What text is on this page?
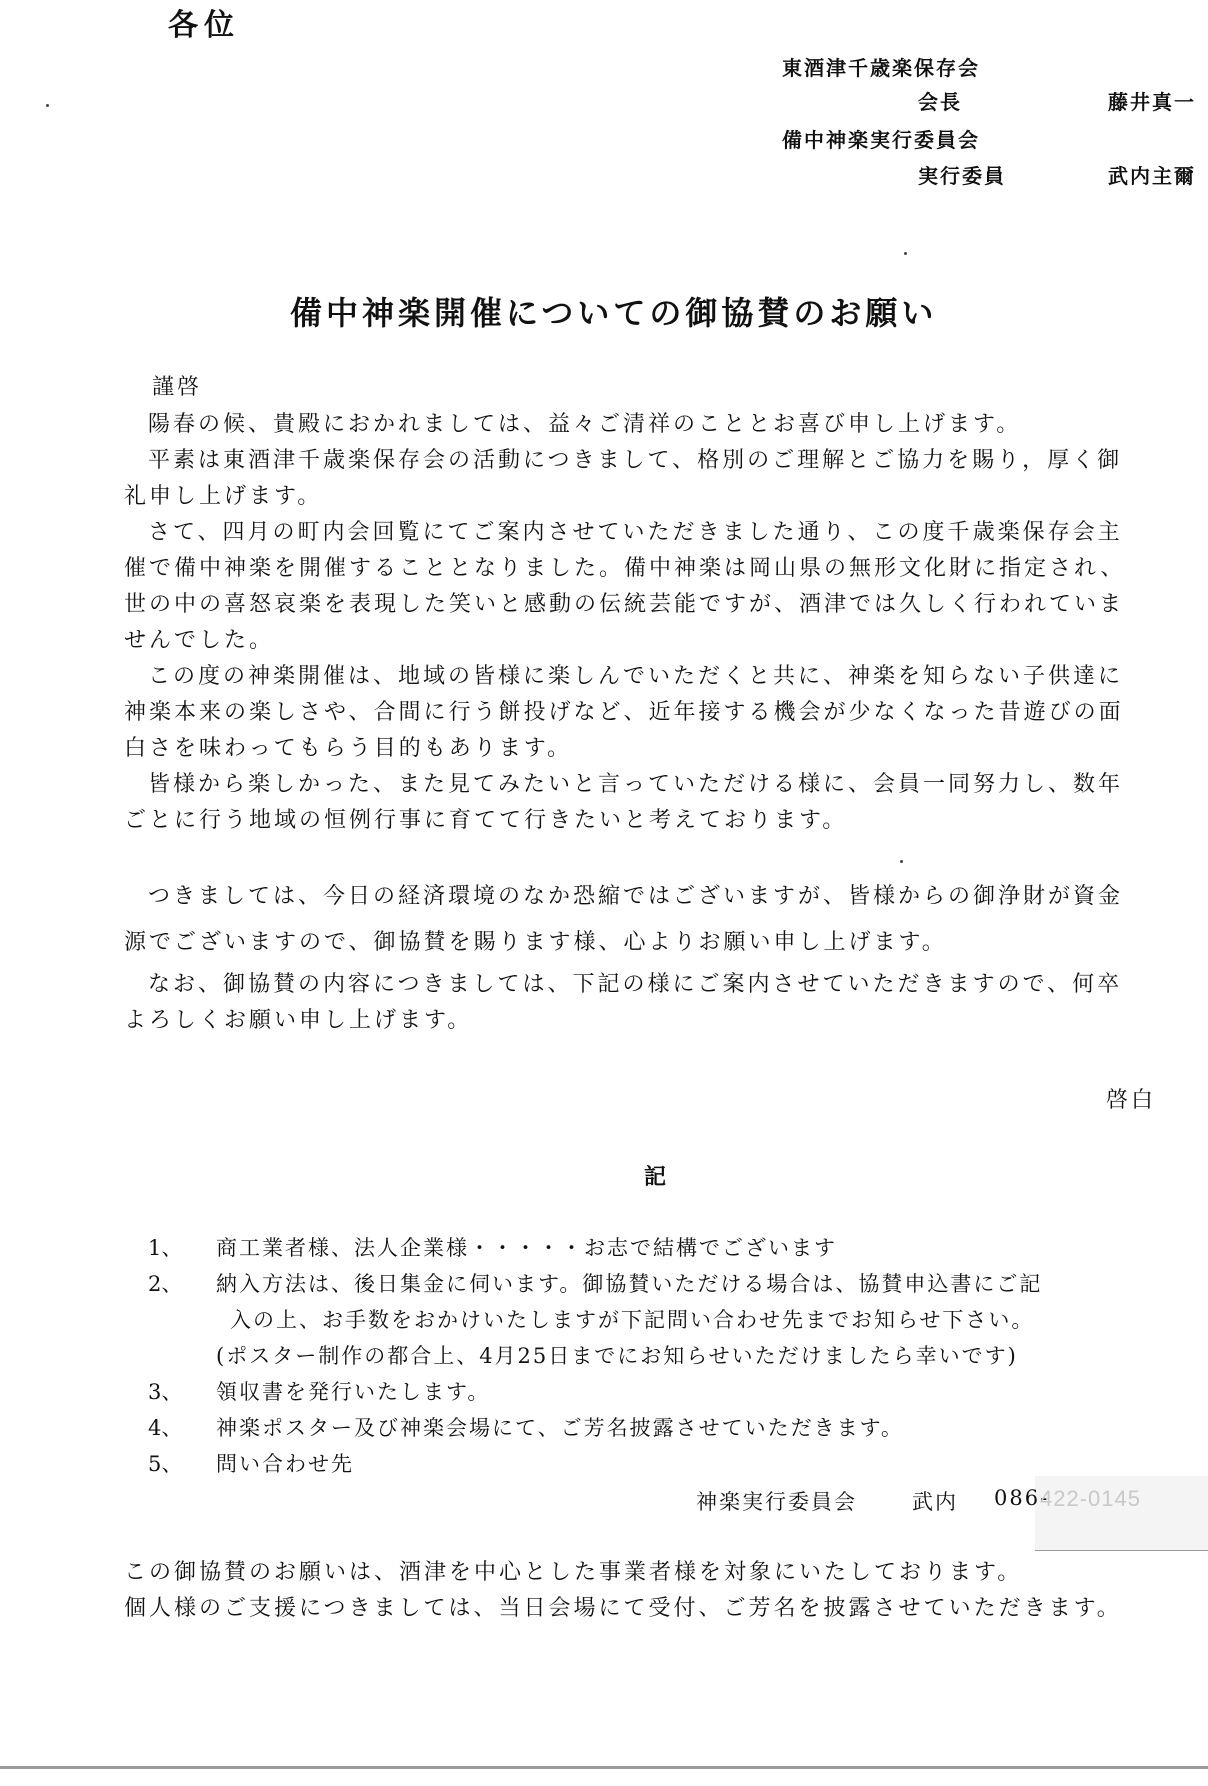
各位
東酒津千歳楽保存会
会長	藤井真一
備中神楽実行委員会
実行委員	武内主爾
備中神楽開催についての御協賛のお願い
謹啓
陽春の候、貴殿におかれましては、益々ご清祥のこととお喜び申し上げます。
平素は東酒津千歳楽保存会の活動につきまして、格別のご理解とご協力を賜り，厚く御
礼申し上げます。
さて、四月の町内会回覧にてご案内させていただきました通り、この度千歳楽保存会主
催で備中神楽を開催することとなりました。備中神楽は岡山県の無形文化財に指定され、
世の中の喜怒哀楽を表現した笑いと感動の伝統芸能ですが、酒津では久しく行われていま
せんでした。
この度の神楽開催は、地域の皆様に楽しんでいただくと共に、神楽を知らない子供達に
神楽本来の楽しさや、合間に行う餅投げなど、近年接する機会が少なくなった昔遊びの面
白さを味わってもらう目的もあります。
皆様から楽しかった、また見てみたいと言っていただける様に、会員一同努力し、数年
ごとに行う地域の恒例行事に育てて行きたいと考えております。
つきましては、今日の経済環境のなか恐縮ではございますが、皆様からの御浄財が資金
源でございますので、御協賛を賜ります様、心よりお願い申し上げます。
なお、御協賛の内容につきましては、下記の様にご案内させていただきますので、何卒
よろしくお願い申し上げます。
啓白
記
1、 商工業者様、法人企業様・・・・・お志で結構でございます
2、 納入方法は、後日集金に伺います。御協賛いただける場合は、協賛申込書にご記
入の上、お手数をおかけいたしますが下記問い合わせ先までお知らせ下さい。
(ポスター制作の都合上、4月25日までにお知らせいただけましたら幸いです)
3、 領収書を発行いたします。
4、 神楽ポスター及び神楽会場にて、ご芳名披露させていただきます。
5、 問い合わせ先
神楽実行委員会	武内 086-
422-0145
この御協賛のお願いは、酒津を中心とした事業者様を対象にいたしております。
個人様のご支援につきましては、当日会場にて受付、ご芳名を披露させていただきます。
